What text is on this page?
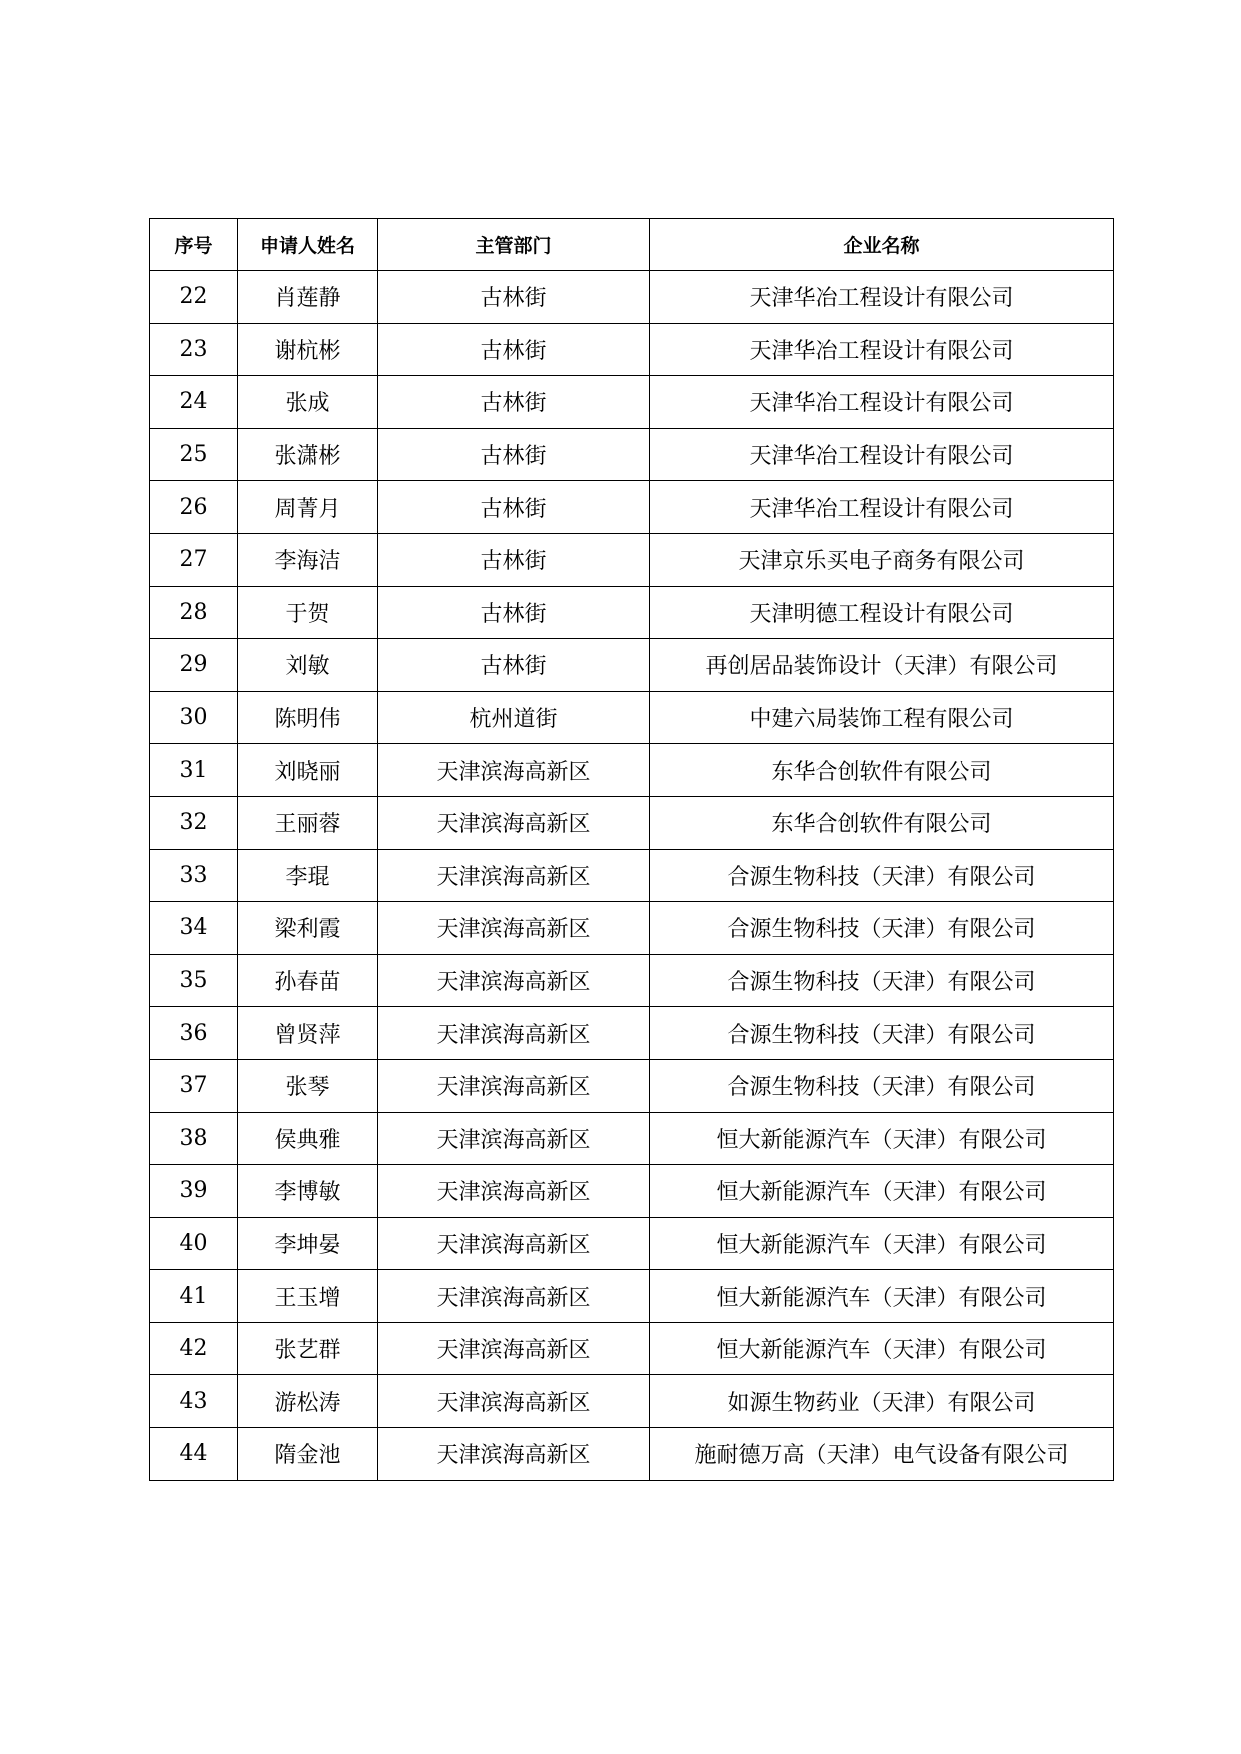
序号	申请人姓名	主管部门	企业名称
22	肖莲静	古林街	天津华冶工程设计有限公司
23	谢杭彬	古林街	天津华冶工程设计有限公司
24	张成	古林街	天津华冶工程设计有限公司
25	张潇彬	古林街	天津华冶工程设计有限公司
26	周菁月	古林街	天津华冶工程设计有限公司
27	李海洁	古林街	天津京乐买电子商务有限公司
28	于贺	古林街	天津明德工程设计有限公司
29	刘敏	古林街	再创居品装饰设计（天津）有限公司
30	陈明伟	杭州道街	中建六局装饰工程有限公司
31	刘晓丽	天津滨海高新区	东华合创软件有限公司
32	王丽蓉	天津滨海高新区	东华合创软件有限公司
33	李琨	天津滨海高新区	合源生物科技（天津）有限公司
34	梁利霞	天津滨海高新区	合源生物科技（天津）有限公司
35	孙春苗	天津滨海高新区	合源生物科技（天津）有限公司
36	曾贤萍	天津滨海高新区	合源生物科技（天津）有限公司
37	张琴	天津滨海高新区	合源生物科技（天津）有限公司
38	侯典雅	天津滨海高新区	恒大新能源汽车（天津）有限公司
39	李博敏	天津滨海高新区	恒大新能源汽车（天津）有限公司
40	李坤晏	天津滨海高新区	恒大新能源汽车（天津）有限公司
41	王玉增	天津滨海高新区	恒大新能源汽车（天津）有限公司
42	张艺群	天津滨海高新区	恒大新能源汽车（天津）有限公司
43	游松涛	天津滨海高新区	如源生物药业（天津）有限公司
44	隋金池	天津滨海高新区	施耐德万高（天津）电气设备有限公司
